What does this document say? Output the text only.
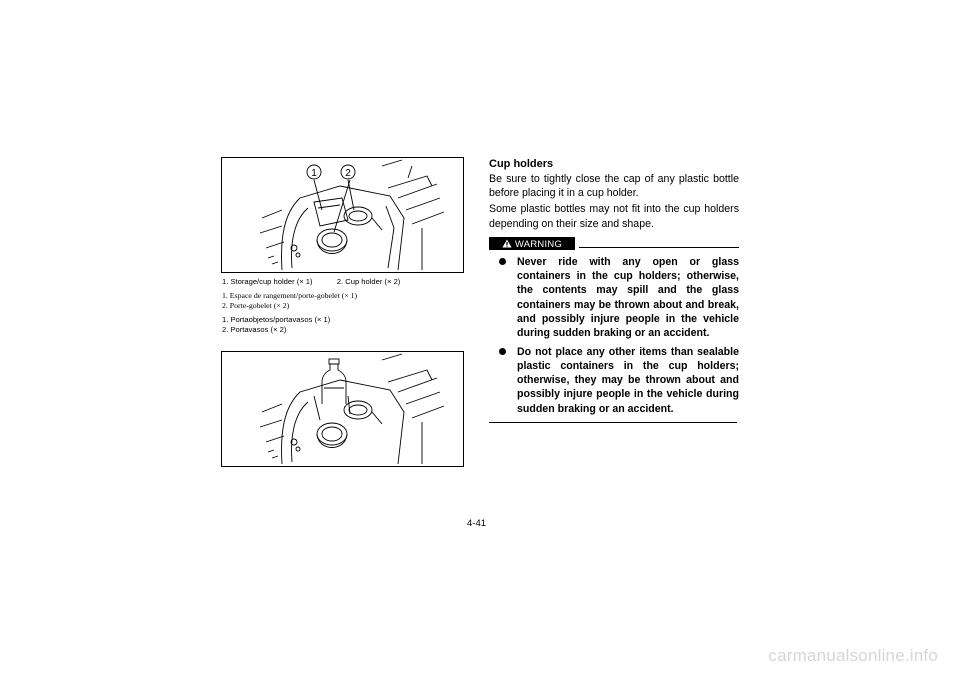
1	2
1. Storage/cup holder (× 1)	2. Cup holder (× 2)
1. Espace de rangement/porte-gobelet (× 1)
2. Porte-gobelet (× 2)
1. Portaobjetos/portavasos (× 1)
2. Portavasos (× 2)

Cup holders

Be sure to tightly close the cap of any plastic bottle before placing it in a cup holder.

Some plastic bottles may not fit into the cup holders depending on their size and shape.

WARNING
Never ride with any open or glass containers in the cup holders; otherwise, the contents may spill and the glass containers may be thrown about and break, and possibly injure people in the vehicle during sudden braking or an accident.
Do not place any other items than sealable plastic containers in the cup holders; otherwise, they may be thrown about and possibly injure people in the vehicle during sudden braking or an accident.
4-41
carmanualsonline.info
